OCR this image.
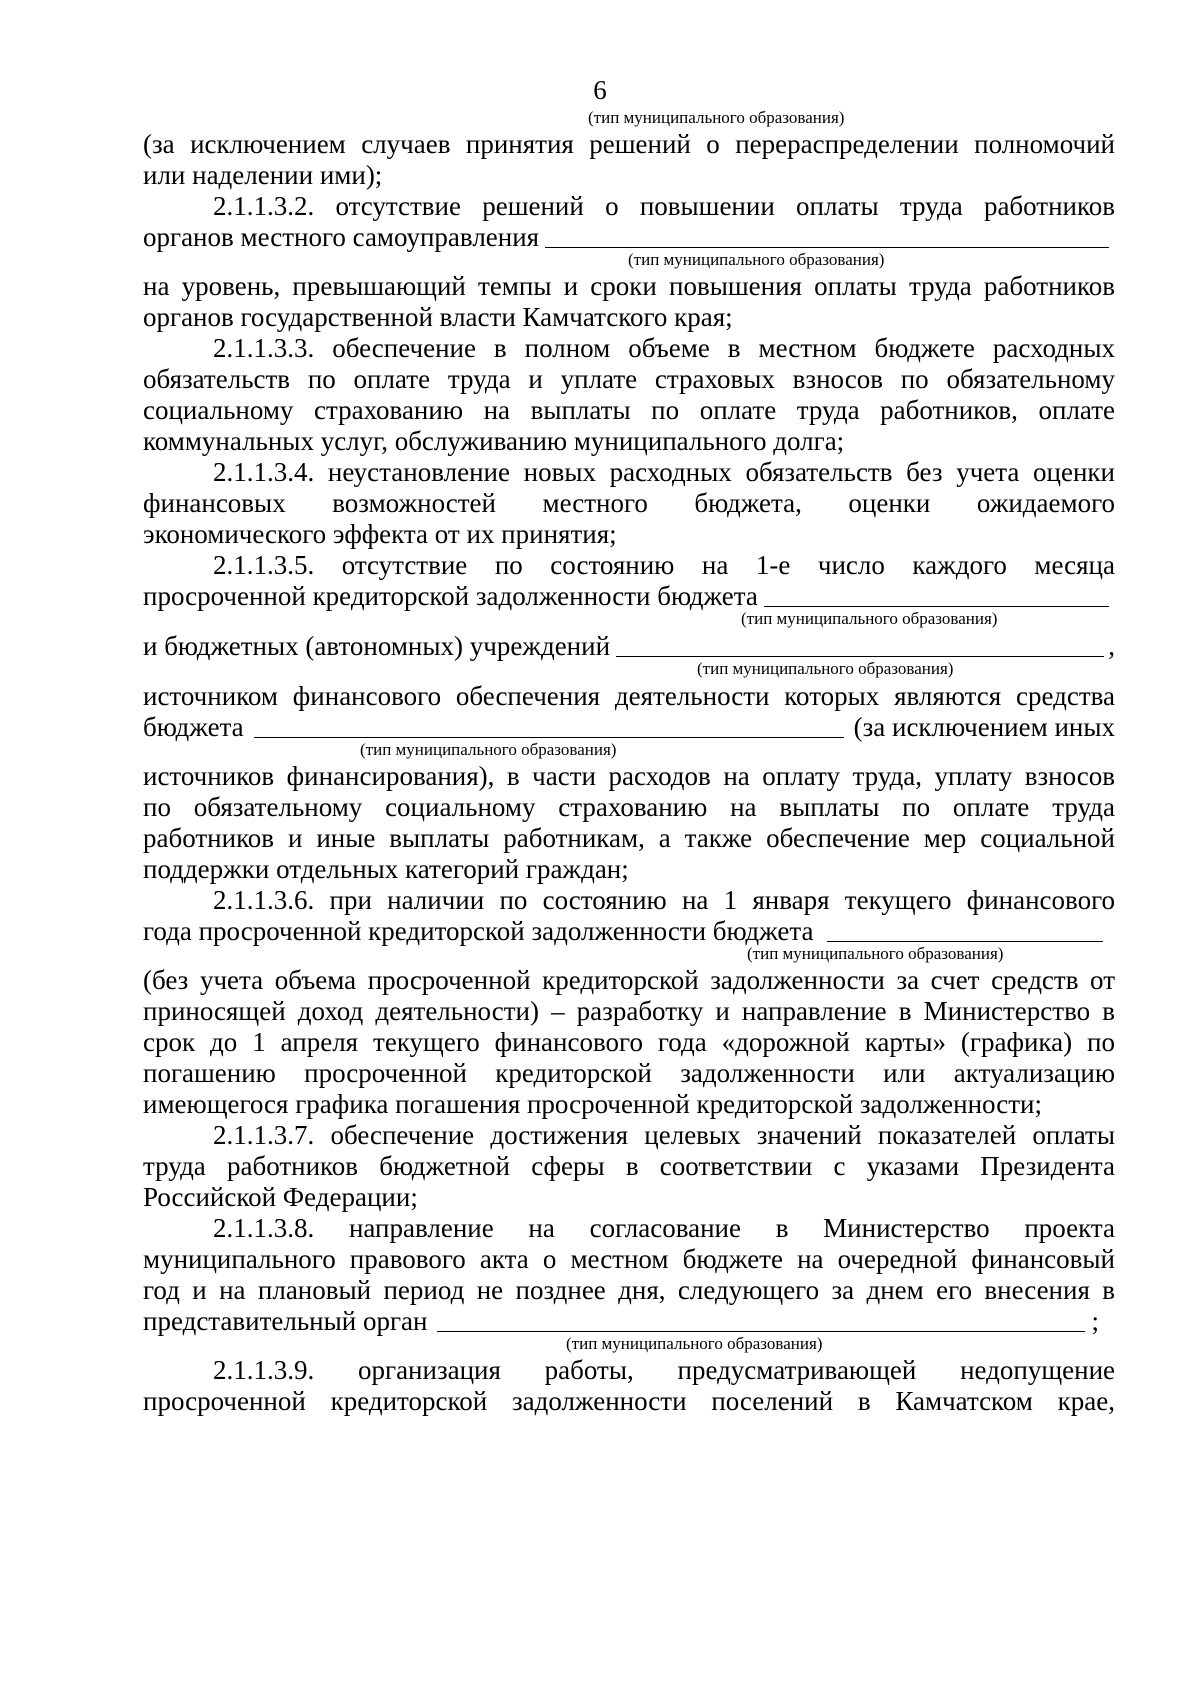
6
(тип муниципального образования)
(за исключением случаев принятия решений о перераспределении полномочий
или наделении ими);
2.1.1.3.2. отсутствие решений о повышении оплаты труда работников
органов местного самоуправления
(тип муниципального образования)
на уровень, превышающий темпы и сроки повышения оплаты труда работников
органов государственной власти Камчатского края;
2.1.1.3.3. обеспечение в полном объеме в местном бюджете расходных
обязательств по оплате труда и уплате страховых взносов по обязательному
социальному страхованию на выплаты по оплате труда работников, оплате
коммунальных услуг, обслуживанию муниципального долга;
2.1.1.3.4. неустановление новых расходных обязательств без учета оценки
финансовых возможностей местного бюджета, оценки ожидаемого
экономического эффекта от их принятия;
2.1.1.3.5. отсутствие по состоянию на 1-е число каждого месяца
просроченной кредиторской задолженности бюджета
(тип муниципального образования)
и бюджетных (автономных) учреждений	,
(тип муниципального образования)
источником финансового обеспечения деятельности которых являются средства
бюджета	(за исключением иных
(тип муниципального образования)
источников финансирования), в части расходов на оплату труда, уплату взносов
по обязательному социальному страхованию на выплаты по оплате труда
работников и иные выплаты работникам, а также обеспечение мер социальной
поддержки отдельных категорий граждан;
2.1.1.3.6. при наличии по состоянию на 1 января текущего финансового
года просроченной кредиторской задолженности бюджета
(тип муниципального образования)
(без учета объема просроченной кредиторской задолженности за счет средств от
приносящей доход деятельности) – разработку и направление в Министерство в
срок до 1 апреля текущего финансового года «дорожной карты» (графика) по
погашению просроченной кредиторской задолженности или актуализацию
имеющегося графика погашения просроченной кредиторской задолженности;
2.1.1.3.7. обеспечение достижения целевых значений показателей оплаты
труда работников бюджетной сферы в соответствии с указами Президента
Российской Федерации;
2.1.1.3.8. направление на согласование в Министерство проекта
муниципального правового акта о местном бюджете на очередной финансовый
год и на плановый период не позднее дня, следующего за днем его внесения в
представительный орган	;
(тип муниципального образования)
2.1.1.3.9. организация работы, предусматривающей недопущение
просроченной кредиторской задолженности поселений в Камчатском крае,
